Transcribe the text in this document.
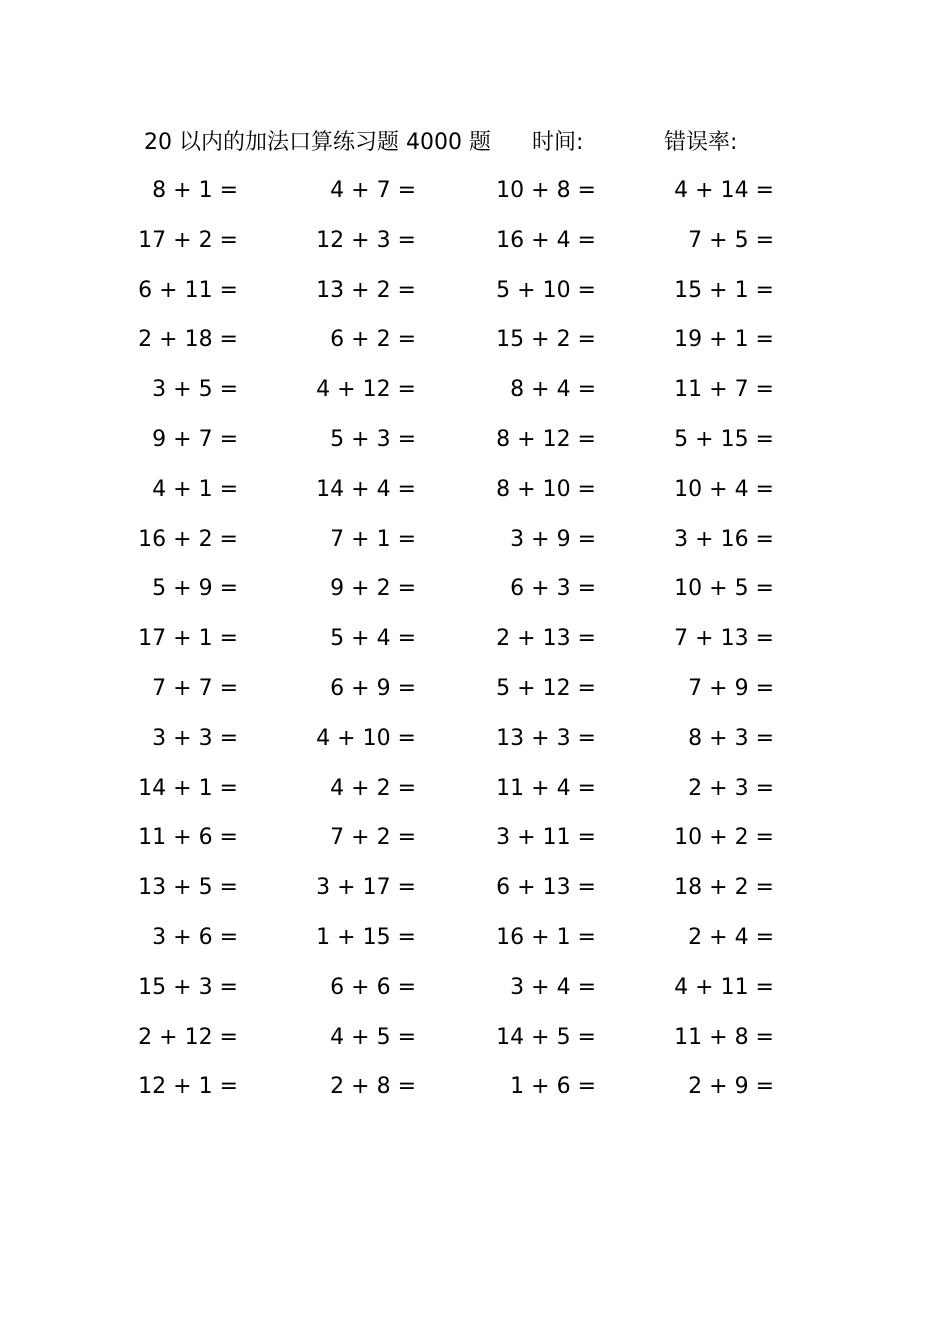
20 以内的加法口算练习题 4000 题 时间:	错误率:
8 + 1 =	4 + 7 =	10 + 8 =	4 + 14 =
17 + 2 =	12 + 3 =	16 + 4 =	7 + 5 =
6 + 11 =	13 + 2 =	5 + 10 =	15 + 1 =
2 + 18 =	6 + 2 =	15 + 2 =	19 + 1 =
3 + 5 =	4 + 12 =	8 + 4 =	11 + 7 =
9 + 7 =	5 + 3 =	8 + 12 =	5 + 15 =
4 + 1 =	14 + 4 =	8 + 10 =	10 + 4 =
16 + 2 =	7 + 1 =	3 + 9 =	3 + 16 =
5 + 9 =	9 + 2 =	6 + 3 =	10 + 5 =
17 + 1 =	5 + 4 =	2 + 13 =	7 + 13 =
7 + 7 =	6 + 9 =	5 + 12 =	7 + 9 =
3 + 3 =	4 + 10 =	13 + 3 =	8 + 3 =
14 + 1 =	4 + 2 =	11 + 4 =	2 + 3 =
11 + 6 =	7 + 2 =	3 + 11 =	10 + 2 =
13 + 5 =	3 + 17 =	6 + 13 =	18 + 2 =
3 + 6 =	1 + 15 =	16 + 1 =	2 + 4 =
15 + 3 =	6 + 6 =	3 + 4 =	4 + 11 =
2 + 12 =	4 + 5 =	14 + 5 =	11 + 8 =
12 + 1 =	2 + 8 =	1 + 6 =	2 + 9 =
